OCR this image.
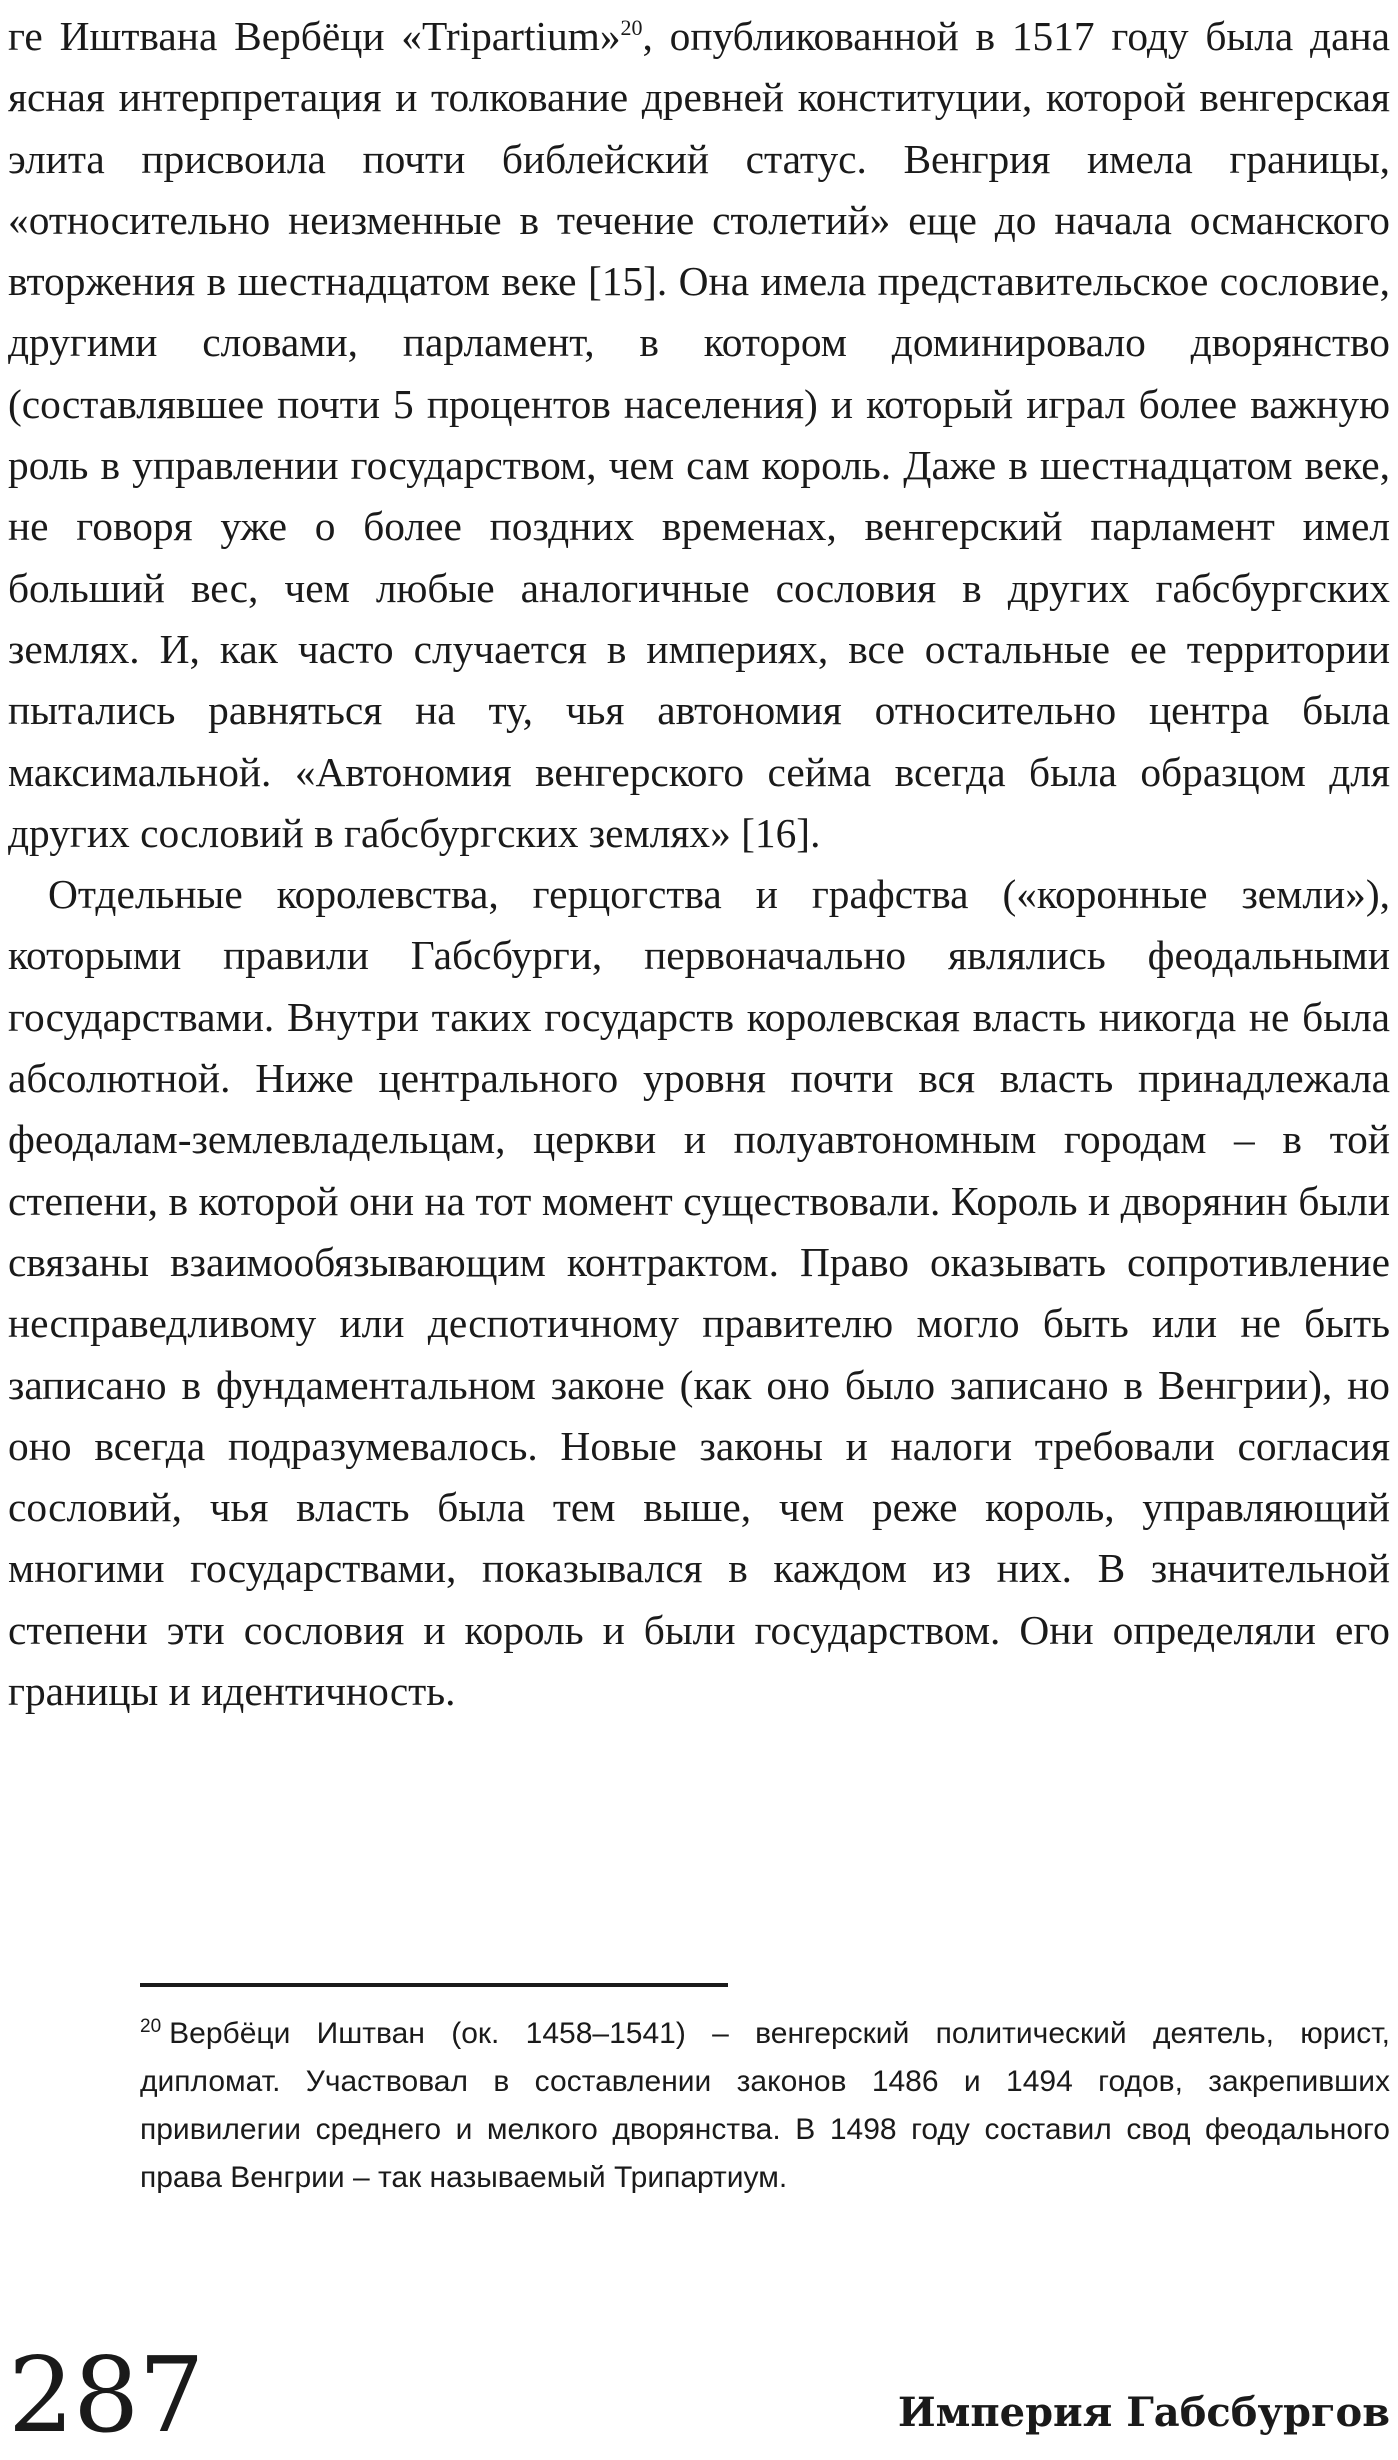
ге Иштвана Вербёци «Tripartium»$^{20}$, опубликованной в 1517 году была дана ясная интерпретация и толкование древней конституции, которой венгерская элита присвоила почти библейский статус. Венгрия имела границы, «относительно неизменные в течение столетий» еще до начала османского вторжения в шестнадцатом веке [15]. Она имела представительское сословие, другими словами, парламент, в котором доминировало дворянство (составлявшее почти 5 процентов населения) и который играл более важную роль в управлении государством, чем сам король. Даже в шестнадцатом веке, не говоря уже о более поздних временах, венгерский парламент имел больший вес, чем любые аналогичные сословия в других габсбургских землях. И, как часто случается в империях, все остальные ее территории пытались равняться на ту, чья автономия относительно центра была максимальной. «Автономия венгерского сейма всегда была образцом для других сословий в габсбургских землях» [16].

Отдельные королевства, герцогства и графства («коронные земли»), которыми правили Габсбурги, первоначально являлись феодальными государствами. Внутри таких государств королевская власть никогда не была абсолютной. Ниже центрального уровня почти вся власть принадлежала феодалам-землевладельцам, церкви и полуавтономным городам – в той степени, в которой они на тот момент существовали. Король и дворянин были связаны взаимообязывающим контрактом. Право оказывать сопротивление несправедливому или деспотичному правителю могло быть или не быть записано в фундаментальном законе (как оно было записано в Венгрии), но оно всегда подразумевалось. Новые законы и налоги требовали согласия сословий, чья власть была тем выше, чем реже король, управляющий многими государствами, показывался в каждом из них. В значительной степени эти сословия и король и были государством. Они определяли его границы и идентичность.

$^{20}$ Вербёци Иштван (ок. 1458–1541) – венгерский политический деятель, юрист, дипломат. Участвовал в составлении законов 1486 и 1494 годов, закрепивших привилегии среднего и мелкого дворянства. В 1498 году составил свод феодального права Венгрии – так называемый Трипартиум.
287	Империя Габсбургов
